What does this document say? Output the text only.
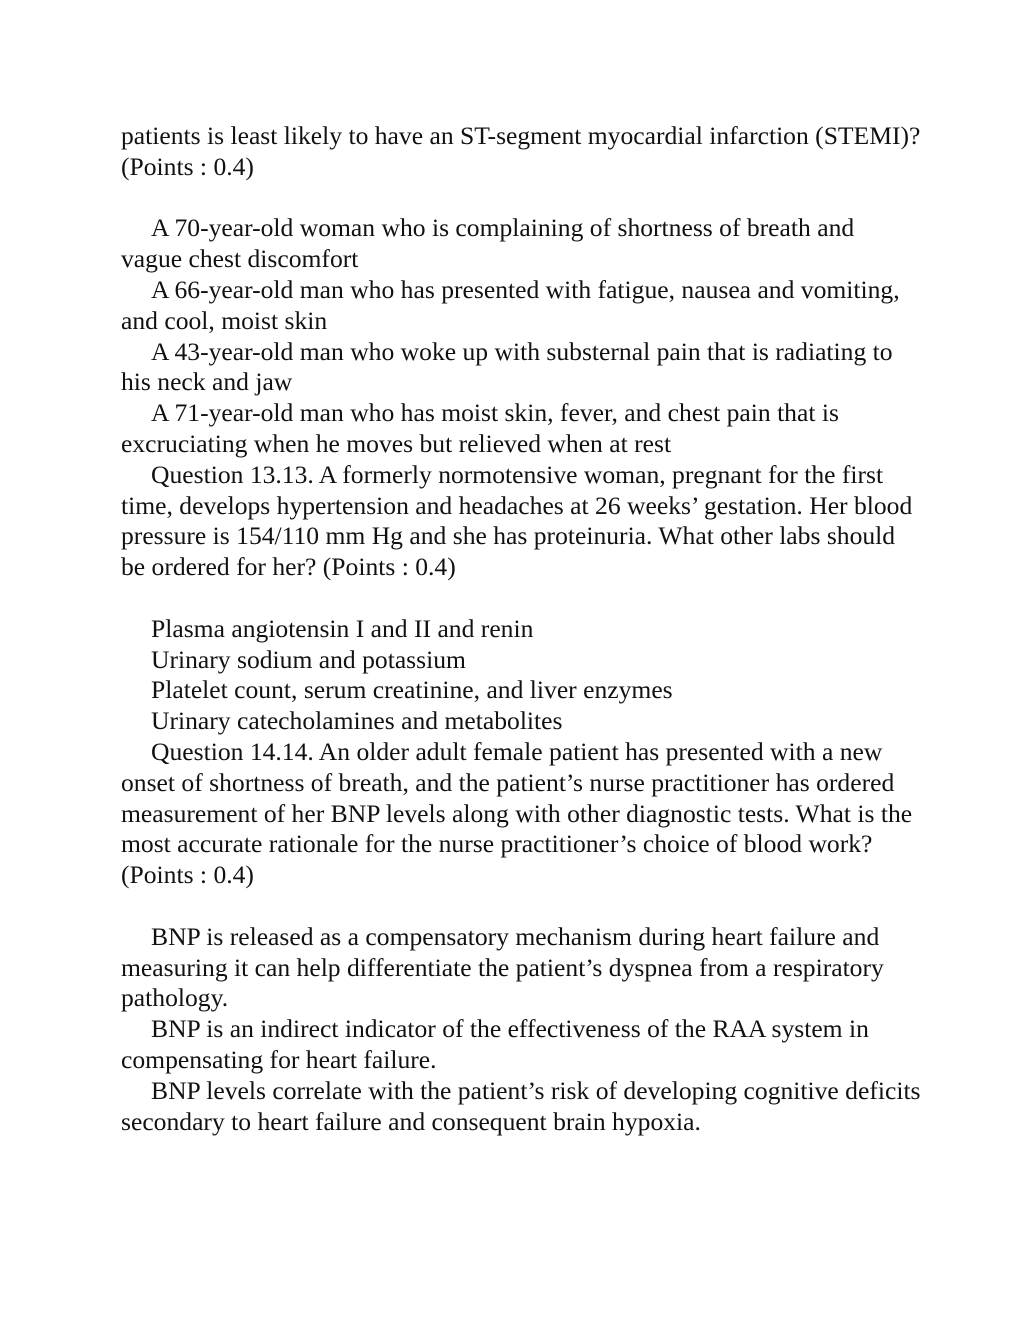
patients is least likely to have an ST-segment myocardial infarction (STEMI)? (Points : 0.4)

A 70-year-old woman who is complaining of shortness of breath and vague chest discomfort

A 66-year-old man who has presented with fatigue, nausea and vomiting, and cool, moist skin

A 43-year-old man who woke up with substernal pain that is radiating to his neck and jaw

A 71-year-old man who has moist skin, fever, and chest pain that is excruciating when he moves but relieved when at rest

Question 13.13. A formerly normotensive woman, pregnant for the first time, develops hypertension and headaches at 26 weeks’ gestation. Her blood pressure is 154/110 mm Hg and she has proteinuria. What other labs should be ordered for her? (Points : 0.4)

Plasma angiotensin I and II and renin

Urinary sodium and potassium

Platelet count, serum creatinine, and liver enzymes

Urinary catecholamines and metabolites

Question 14.14. An older adult female patient has presented with a new onset of shortness of breath, and the patient’s nurse practitioner has ordered measurement of her BNP levels along with other diagnostic tests. What is the most accurate rationale for the nurse practitioner’s choice of blood work? (Points : 0.4)

BNP is released as a compensatory mechanism during heart failure and measuring it can help differentiate the patient’s dyspnea from a respiratory pathology.

BNP is an indirect indicator of the effectiveness of the RAA system in compensating for heart failure.

BNP levels correlate with the patient’s risk of developing cognitive deficits secondary to heart failure and consequent brain hypoxia.
